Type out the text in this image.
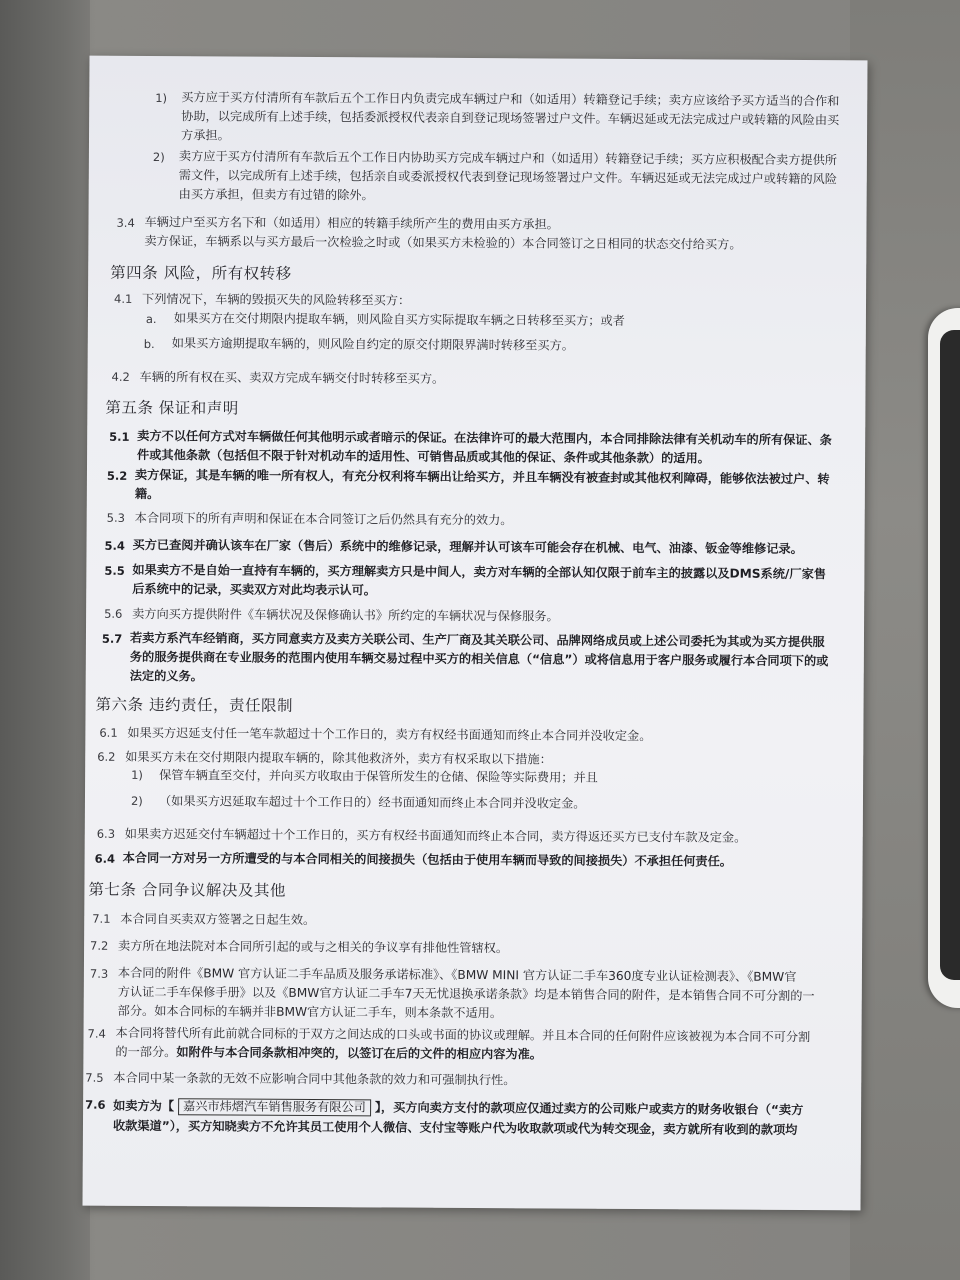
1) 买方应于买方付清所有车款后五个工作日内负责完成车辆过户和（如适用）转籍登记手续；卖方应该给予买方适当的合作和
协助，以完成所有上述手续，包括委派授权代表亲自到登记现场签署过户文件。车辆迟延或无法完成过户或转籍的风险由买
方承担。
2) 卖方应于买方付清所有车款后五个工作日内协助买方完成车辆过户和（如适用）转籍登记手续；买方应积极配合卖方提供所
需文件，以完成所有上述手续，包括亲自或委派授权代表到登记现场签署过户文件。车辆迟延或无法完成过户或转籍的风险
由买方承担，但卖方有过错的除外。
3.4 车辆过户至买方名下和（如适用）相应的转籍手续所产生的费用由买方承担。
卖方保证，车辆系以与买方最后一次检验之时或（如果买方未检验的）本合同签订之日相同的状态交付给买方。
第四条 风险，所有权转移
4.1 下列情况下，车辆的毁损灭失的风险转移至买方：
a. 如果买方在交付期限内提取车辆，则风险自买方实际提取车辆之日转移至买方；或者
b. 如果买方逾期提取车辆的，则风险自约定的原交付期限界满时转移至买方。
4.2 车辆的所有权在买、卖双方完成车辆交付时转移至买方。
第五条 保证和声明
5.1 卖方不以任何方式对车辆做任何其他明示或者暗示的保证。在法律许可的最大范围内，本合同排除法律有关机动车的所有保证、条
件或其他条款（包括但不限于针对机动车的适用性、可销售品质或其他的保证、条件或其他条款）的适用。
5.2 卖方保证，其是车辆的唯一所有权人，有充分权利将车辆出让给买方，并且车辆没有被查封或其他权利障碍，能够依法被过户、转
籍。
5.3 本合同项下的所有声明和保证在本合同签订之后仍然具有充分的效力。
5.4 买方已查阅并确认该车在厂家（售后）系统中的维修记录，理解并认可该车可能会存在机械、电气、油漆、钣金等维修记录。
5.5 如果卖方不是自始一直持有车辆的，买方理解卖方只是中间人，卖方对车辆的全部认知仅限于前车主的披露以及DMS系统/厂家售
后系统中的记录，买卖双方对此均表示认可。
5.6 卖方向买方提供附件《车辆状况及保修确认书》所约定的车辆状况与保修服务。
5.7 若卖方系汽车经销商，买方同意卖方及卖方关联公司、生产厂商及其关联公司、品牌网络成员或上述公司委托为其或为买方提供服
务的服务提供商在专业服务的范围内使用车辆交易过程中买方的相关信息（“信息”）或将信息用于客户服务或履行本合同项下的或
法定的义务。
第六条 违约责任，责任限制
6.1 如果买方迟延支付任一笔车款超过十个工作日的，卖方有权经书面通知而终止本合同并没收定金。
6.2 如果买方未在交付期限内提取车辆的，除其他救济外，卖方有权采取以下措施：
1) 保管车辆直至交付，并向买方收取由于保管所发生的仓储、保险等实际费用；并且
2) （如果买方迟延取车超过十个工作日的）经书面通知而终止本合同并没收定金。
6.3 如果卖方迟延交付车辆超过十个工作日的，买方有权经书面通知而终止本合同，卖方得返还买方已支付车款及定金。
6.4 本合同一方对另一方所遭受的与本合同相关的间接损失（包括由于使用车辆而导致的间接损失）不承担任何责任。
第七条 合同争议解决及其他
7.1 本合同自买卖双方签署之日起生效。
7.2 卖方所在地法院对本合同所引起的或与之相关的争议享有排他性管辖权。
7.3 本合同的附件《BMW 官方认证二手车品质及服务承诺标准》、《BMW MINI 官方认证二手车360度专业认证检测表》、《BMW官
方认证二手车保修手册》以及《BMW官方认证二手车7天无忧退换承诺条款》均是本销售合同的附件，是本销售合同不可分割的一
部分。如本合同标的车辆并非BMW官方认证二手车，则本条款不适用。
7.4 本合同将替代所有此前就合同标的于双方之间达成的口头或书面的协议或理解。并且本合同的任何附件应该被视为本合同不可分割
的一部分。如附件与本合同条款相冲突的，以签订在后的文件的相应内容为准。
7.5 本合同中某一条款的无效不应影响合同中其他条款的效力和可强制执行性。
7.6 如卖方为【 嘉兴市炜熠汽车销售服务有限公司 】，买方向卖方支付的款项应仅通过卖方的公司账户或卖方的财务收银台（“卖方
收款渠道”），买方知晓卖方不允许其员工使用个人微信、支付宝等账户代为收取款项或代为转交现金，卖方就所有收到的款项均
